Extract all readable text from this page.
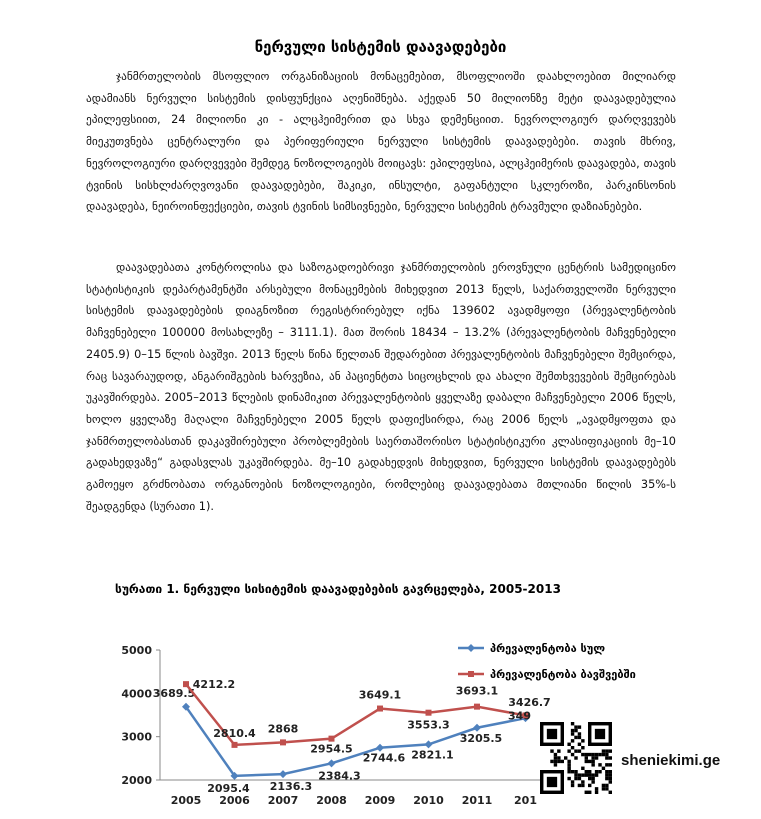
ნერვული სისტემის დაავადებები

ჯანმრთელობის მსოფლიო ორგანიზაციის მონაცემებით, მსოფლიოში დაახლოებით მილიარდ ადამიანს ნერვული სისტემის დისფუნქცია აღენიშნება. აქედან 50 მილიონზე მეტი დაავადებულია ეპილეფსიით, 24 მილიონი კი - ალცჰეიმერით და სხვა დემენციით. ნევროლოგიურ დარღვევებს მიეკუთვნება ცენტრალური და პერიფერიული ნერვული სისტემის დაავადებები. თავის მხრივ, ნევროლოგიური დარღვევები შემდეგ ნოზოლოგიებს მოიცავს: ეპილეფსია, ალცჰეიმერის დაავადება, თავის ტვინის სისხლძარღვოვანი დაავადებები, შაკიკი, ინსულტი, გაფანტული სკლეროზი, პარკინსონის დაავადება, ნეიროინფექციები, თავის ტვინის სიმსივნეები, ნერვული სისტემის ტრავმული დაზიანებები.

დაავადებათა კონტროლისა და საზოგადოებრივი ჯანმრთელობის ეროვნული ცენტრის სამედიცინო სტატისტიკის დეპარტამენტში არსებული მონაცემების მიხედვით 2013 წელს, საქართველოში ნერვული სისტემის დაავადებების დიაგნოზით რეგისტრირებულ იქნა 139602 ავადმყოფი (პრევალენტობის მაჩვენებელი 100000 მოსახლეზე – 3111.1). მათ შორის 18434 – 13.2% (პრევალენტობის მაჩვენებელი 2405.9) 0–15 წლის ბავშვი. 2013 წელს წინა წელთან შედარებით პრევალენტობის მაჩვენებელი შემცირდა, რაც სავარაუდოდ, ანგარიშგების ხარვეზია, ან პაციენტთა სიცოცხლის და ახალი შემთხვევების შემცირებას უკავშირდება. 2005–2013 წლების დინამიკით პრევალენტობის ყველაზე დაბალი მაჩვენებელი 2006 წელს, ხოლო ყველაზე მაღალი მაჩვენებელი 2005 წელს დაფიქსირდა, რაც 2006 წელს „ავადმყოფთა და ჯანმრთელობასთან დაკავშირებული პრობლემების საერთაშორისო სტატისტიკური კლასიფიკაციის მე–10 გადახედვაზე“ გადასვლას უკავშირდება. მე–10 გადახედვის მიხედვით, ნერვული სისტემის დაავადებებს გამოეყო გრძნობათა ორგანოების ნოზოლოგიები, რომლებიც დაავადებათა მთლიანი წილის 35%-ს შეადგენდა (სურათი 1).

სურათი 1. ნერვული სისიტემის დაავადებების გავრცელება, 2005-2013
2000
3000
4000
5000
2005 2006 2007 2008 2009 2010 2011 201
3689.5
2095.4 2136.3
2384.3
2744.6 2821.1
3205.5
3426.7
4212.2
2810.4 2868
2954.5
3649.1
3553.3
3693.1
349
პრევალენტობა სულ
პრევალენტობა ბავშვებში
sheniekimi.ge
